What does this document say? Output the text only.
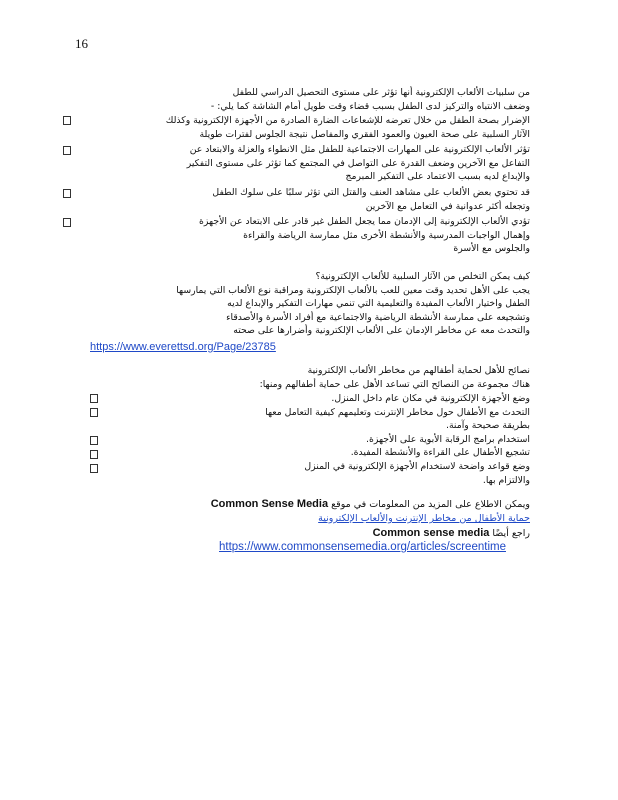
16
من سلبيات الألعاب الإلكترونية أنها تؤثر على مستوى التحصيل الدراسي للطفل
وضعف الانتباه والتركيز لدى الطفل بسبب قضاء وقت طويل أمام الشاشة كما يلي: -
الإضرار بصحة الطفل من خلال تعرضه للإشعاعات الضارة الصادرة من الأجهزة الإلكترونية وكذلك
الآثار السلبية على صحة العيون والعمود الفقري والمفاصل نتيجة الجلوس لفترات طويلة
تؤثر الألعاب الإلكترونية على المهارات الاجتماعية للطفل مثل الانطواء والعزلة والابتعاد عن
التفاعل مع الآخرين وضعف القدرة على التواصل في المجتمع كما تؤثر على مستوى التفكير
والإبداع لديه بسبب الاعتماد على التفكير المبرمج
قد تحتوي بعض الألعاب على مشاهد العنف والقتل التي تؤثر سلبًا على سلوك الطفل
وتجعله أكثر عدوانية في التعامل مع الآخرين
تؤدي الألعاب الإلكترونية إلى الإدمان مما يجعل الطفل غير قادر على الابتعاد عن الأجهزة
وإهمال الواجبات المدرسية والأنشطة الأخرى مثل ممارسة الرياضة والقراءة
والجلوس مع الأسرة
كيف يمكن التخلص من الآثار السلبية للألعاب الإلكترونية؟
يجب على الأهل تحديد وقت معين للعب بالألعاب الإلكترونية ومراقبة نوع الألعاب التي يمارسها
الطفل واختيار الألعاب المفيدة والتعليمية التي تنمي مهارات التفكير والإبداع لديه
وتشجيعه على ممارسة الأنشطة الرياضية والاجتماعية مع أفراد الأسرة والأصدقاء
والتحدث معه عن مخاطر الإدمان على الألعاب الإلكترونية وأضرارها على صحته
https://www.everettsd.org/Page/23785
نصائح للأهل لحماية أطفالهم من مخاطر الألعاب الإلكترونية
هناك مجموعة من النصائح التي تساعد الأهل على حماية أطفالهم ومنها:
وضع الأجهزة الإلكترونية في مكان عام داخل المنزل.
التحدث مع الأطفال حول مخاطر الإنترنت وتعليمهم كيفية التعامل معها
بطريقة صحيحة وآمنة.
استخدام برامج الرقابة الأبوية على الأجهزة.
تشجيع الأطفال على القراءة والأنشطة المفيدة.
وضع قواعد واضحة لاستخدام الأجهزة الإلكترونية في المنزل
والالتزام بها.
ويمكن الاطلاع على المزيد من المعلومات في موقع Common Sense Media
حماية الأطفال من مخاطر الإنترنت والألعاب الإلكترونية
راجع أيضًا Common sense media
https://www.commonsensemedia.org/articles/screentime
